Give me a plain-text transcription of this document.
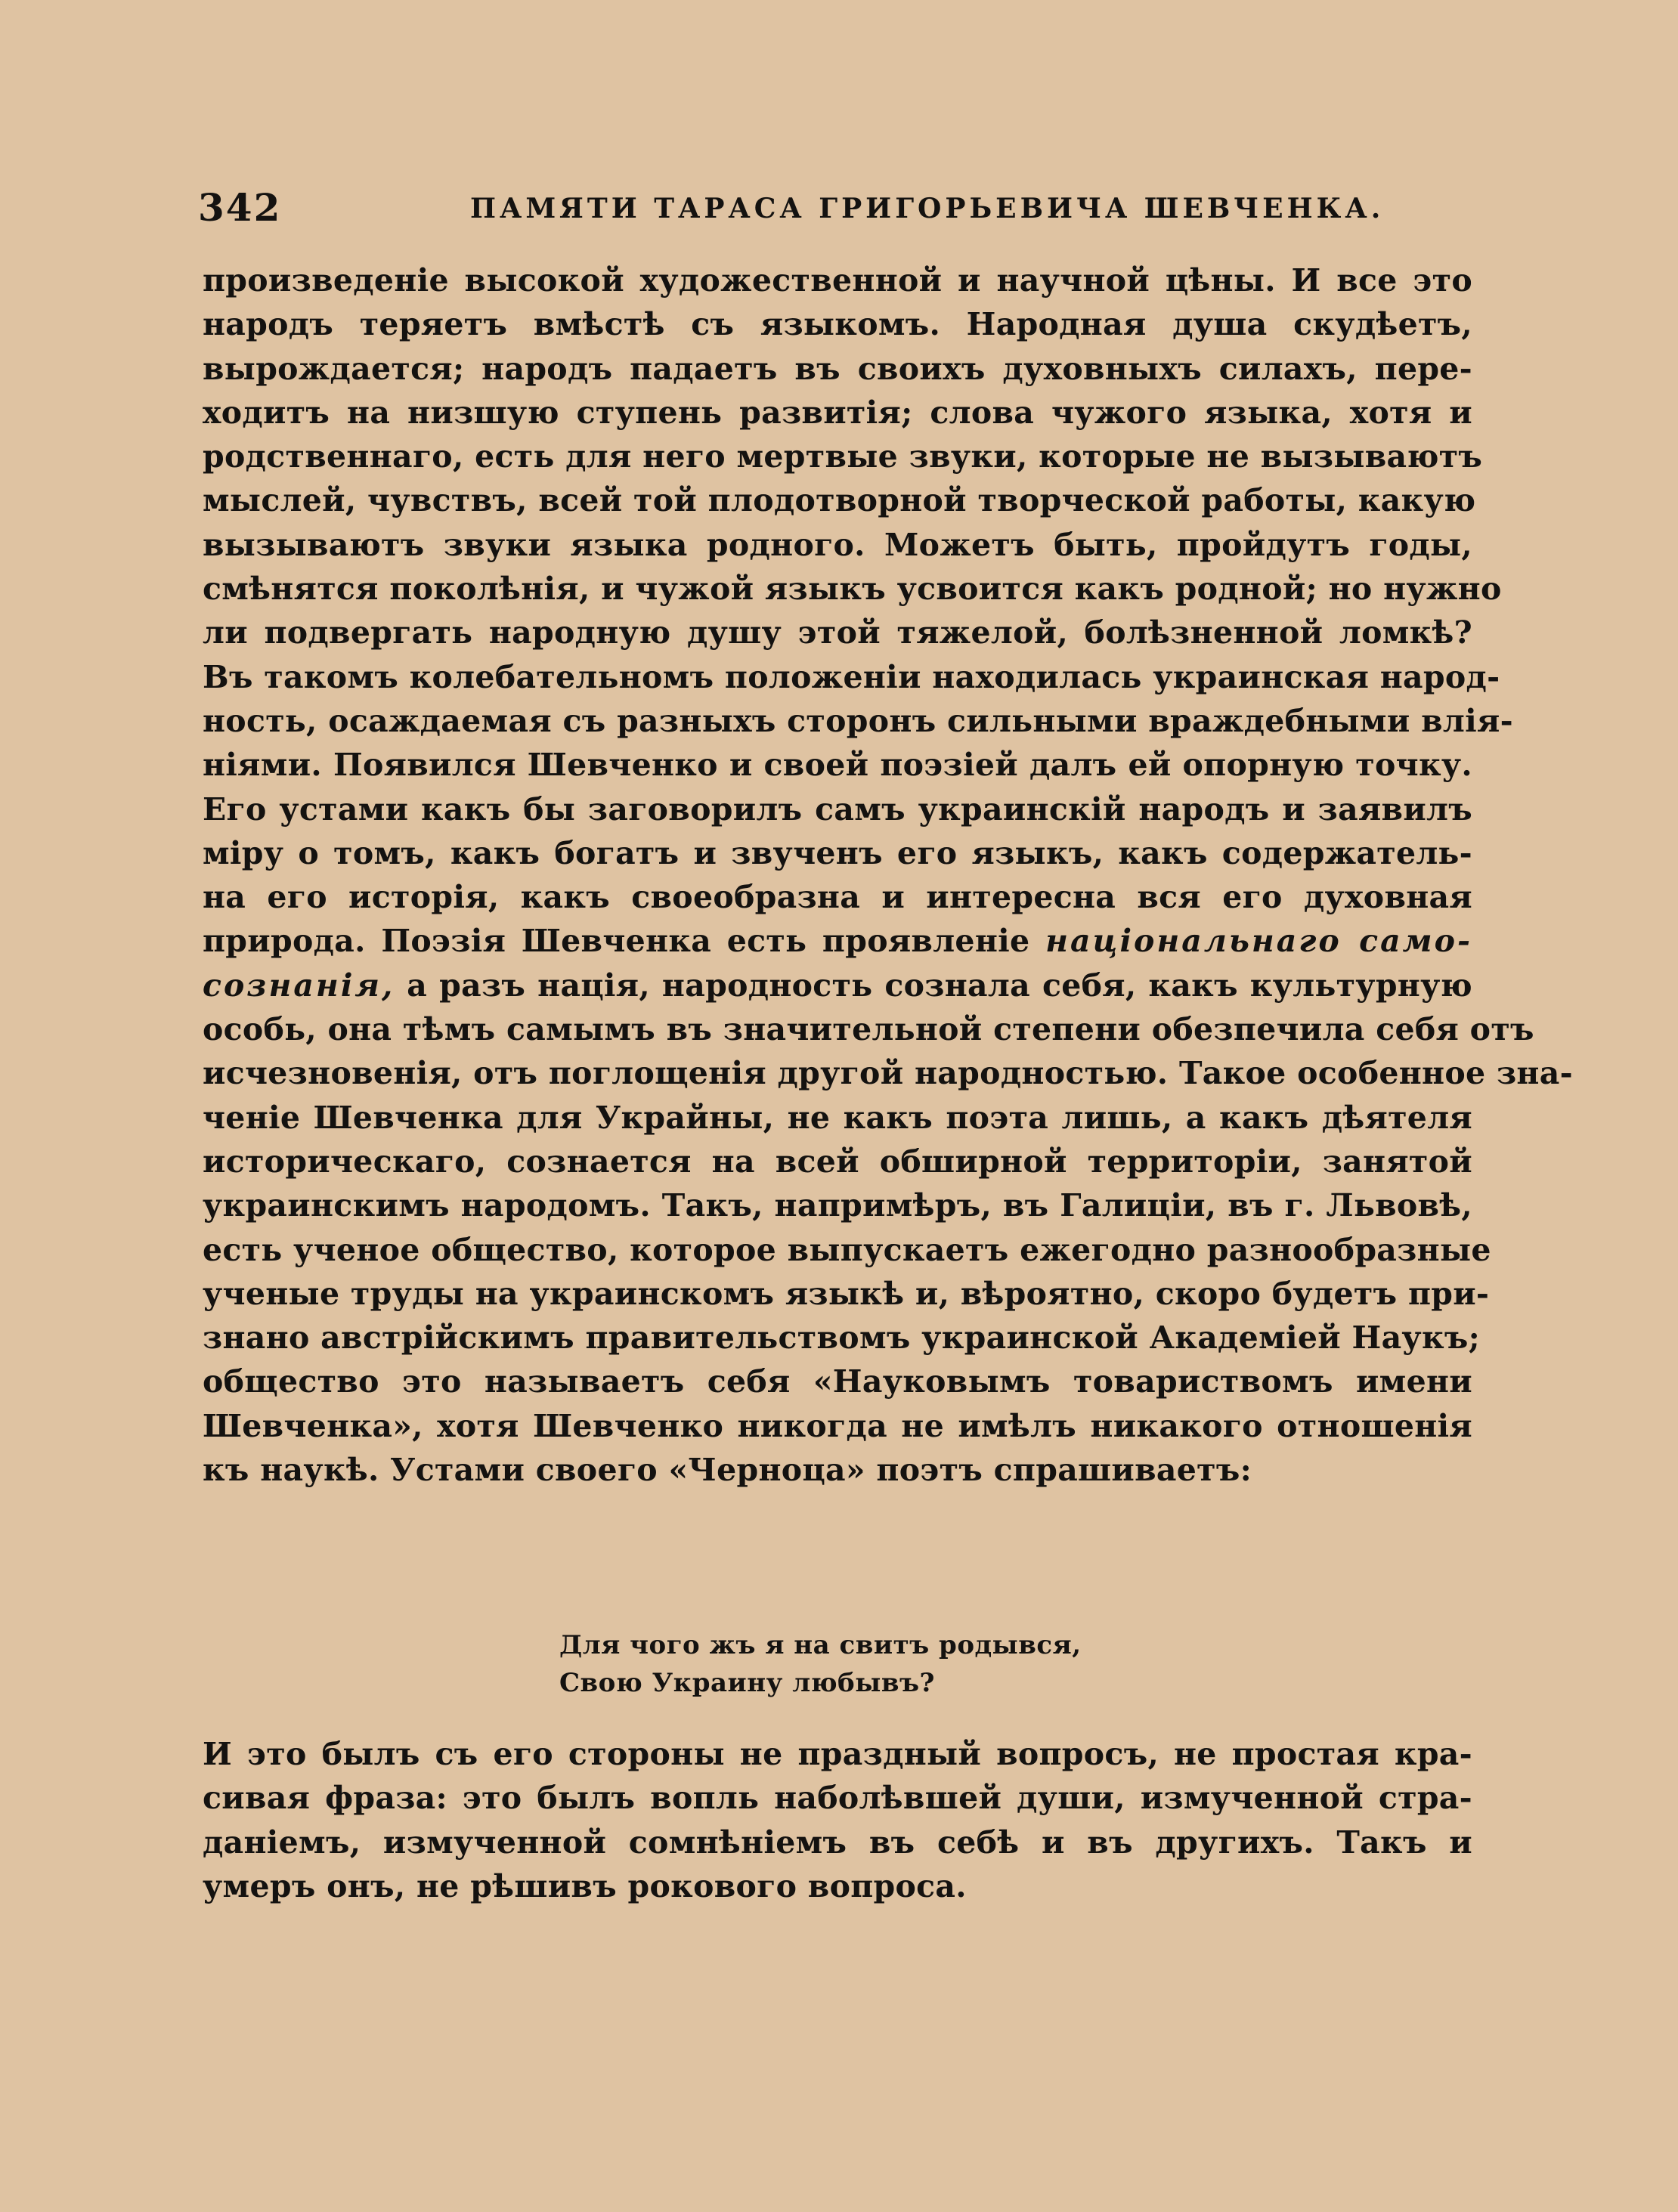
342	ПАМЯТИ ТАРАСА ГРИГОРЬЕВИЧА ШЕВЧЕНКА.
произведеніе высокой художественной и научной цѣны. И все это
народъ теряетъ вмѣстѣ съ языкомъ. Народная душа скудѣетъ,
вырождается; народъ падаетъ въ своихъ духовныхъ силахъ, пере-
ходитъ на низшую ступень развитія; слова чужого языка, хотя и
родственнаго, есть для него мертвые звуки, которые не вызываютъ
мыслей, чувствъ, всей той плодотворной творческой работы, какую
вызываютъ звуки языка родного. Можетъ быть, пройдутъ годы,
смѣнятся поколѣнія, и чужой языкъ усвоится какъ родной; но нужно
ли подвергать народную душу этой тяжелой, болѣзненной ломкѣ?
Въ такомъ колебательномъ положеніи находилась украинская народ-
ность, осаждаемая съ разныхъ сторонъ сильными враждебными влія-
ніями. Появился Шевченко и своей поэзіей далъ ей опорную точку.
Его устами какъ бы заговорилъ самъ украинскій народъ и заявилъ
міру о томъ, какъ богатъ и звученъ его языкъ, какъ содержатель-
на его исторія, какъ своеобразна и интересна вся его духовная
природа. Поэзія Шевченка есть проявленіе національнаго само-
сознанія, а разъ нація, народность сознала себя, какъ культурную
особь, она тѣмъ самымъ въ значительной степени обезпечила себя отъ
исчезновенія, отъ поглощенія другой народностью. Такое особенное зна-
ченіе Шевченка для Украйны, не какъ поэта лишь, а какъ дѣятеля
историческаго, сознается на всей обширной территоріи, занятой
украинскимъ народомъ. Такъ, напримѣръ, въ Галиціи, въ г. Львовѣ,
есть ученое общество, которое выпускаетъ ежегодно разнообразные
ученые труды на украинскомъ языкѣ и, вѣроятно, скоро будетъ при-
знано австрійскимъ правительствомъ украинской Академіей Наукъ;
общество это называетъ себя «Науковымъ товариствомъ имени
Шевченка», хотя Шевченко никогда не имѣлъ никакого отношенія
къ наукѣ. Устами своего «Черноца» поэтъ спрашиваетъ:
Для чого жъ я на свитъ родывся,
Свою Украину любывъ?
И это былъ съ его стороны не праздный вопросъ, не простая кра-
сивая фраза: это былъ вопль наболѣвшей души, измученной стра-
даніемъ, измученной сомнѣніемъ въ себѣ и въ другихъ. Такъ и
умеръ онъ, не рѣшивъ рокового вопроса.
